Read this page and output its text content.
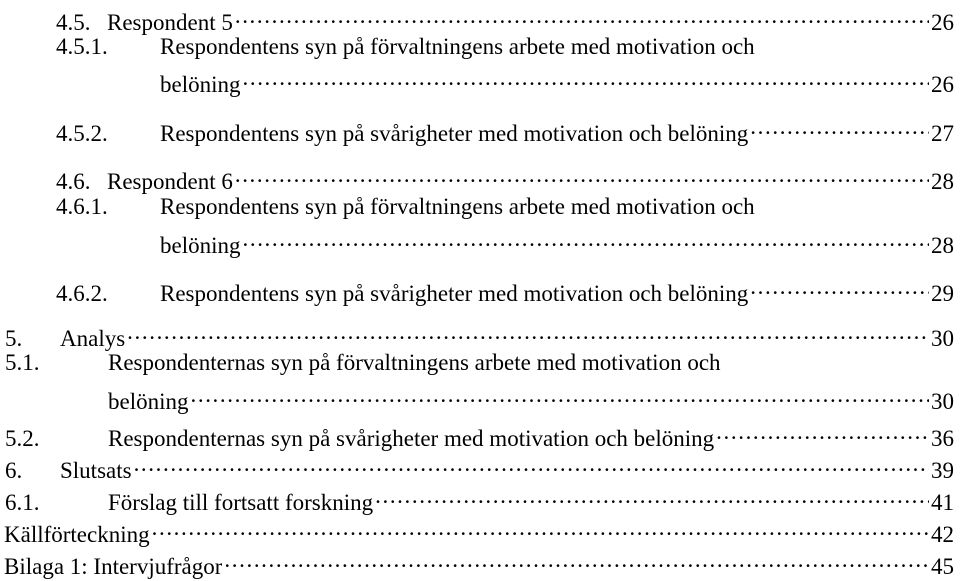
4.5. Respondent 5 .....	26
4.5.1.	Respondentens syn på förvaltningens arbete med motivation och
belöning .....	26
4.5.2.	Respondentens syn på svårigheter med motivation och belöning .....	27
4.6. Respondent 6 .....	28
4.6.1.	Respondentens syn på förvaltningens arbete med motivation och
belöning .....	28
4.6.2.	Respondentens syn på svårigheter med motivation och belöning .....	29
5.	Analys .....	30
5.1.	Respondenternas syn på förvaltningens arbete med motivation och
belöning .....	30
5.2.	Respondenternas syn på svårigheter med motivation och belöning .....	36
6.	Slutsats .....	39
6.1.	Förslag till fortsatt forskning .....	41
Källförteckning .....	42
Bilaga 1: Intervjufrågor .....	45
